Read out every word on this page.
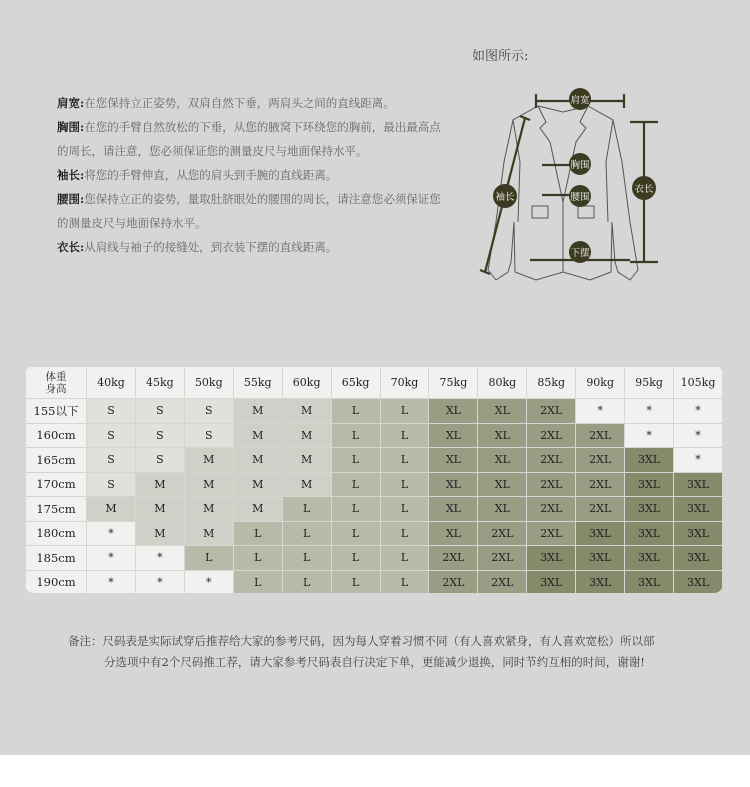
如图所示:

肩宽:在您保持立正姿势，双肩自然下垂，两肩头之间的直线距离。

胸围:在您的手臂自然放松的下垂，从您的腋窝下环绕您的胸前，最出最高点的周长，请注意，您必须保证您的测量皮尺与地面保持水平。

袖长:将您的手臂伸直，从您的肩头到手腕的直线距离。

腰围:您保持立正的姿势，量取肚脐眼处的腰围的周长，请注意您必须保证您的测量皮尺与地面保持水平。

衣长:从肩线与袖子的接缝处，到衣装下摆的直线距离。

肩宽
胸围
腰围
袖长
衣长
下摆
体重
身高	40kg	45kg	50kg	55kg	60kg	65kg	70kg	75kg	80kg	85kg	90kg	95kg	105kg
155以下	S	S	S	M	M	L	L	XL	XL	2XL	*	*	*
160cm	S	S	S	M	M	L	L	XL	XL	2XL	2XL	*	*
165cm	S	S	M	M	M	L	L	XL	XL	2XL	2XL	3XL	*
170cm	S	M	M	M	M	L	L	XL	XL	2XL	2XL	3XL	3XL
175cm	M	M	M	M	L	L	L	XL	XL	2XL	2XL	3XL	3XL
180cm	*	M	M	L	L	L	L	XL	2XL	2XL	3XL	3XL	3XL
185cm	*	*	L	L	L	L	L	2XL	2XL	3XL	3XL	3XL	3XL
190cm	*	*	*	L	L	L	L	2XL	2XL	3XL	3XL	3XL	3XL
备注：尺码表是实际试穿后推荐给大家的参考尺码，因为每人穿着习惯不同（有人喜欢紧身，有人喜欢宽松）所以部
分选项中有2个尺码推工荐，请大家参考尺码表自行决定下单，更能减少退换，同时节约互相的时间，谢谢!
